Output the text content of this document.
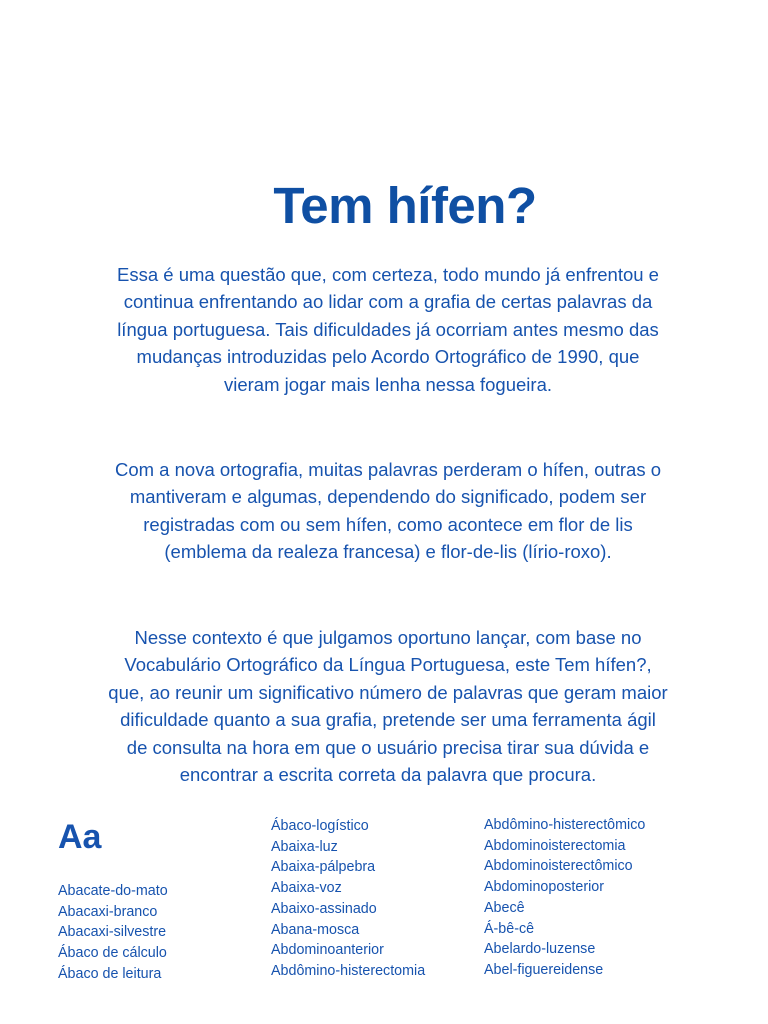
Tem hífen?

Essa é uma questão que, com certeza, todo mundo já enfrentou e continua enfrentando ao lidar com a grafia de certas palavras da língua portuguesa. Tais dificuldades já ocorriam antes mesmo das mudanças introduzidas pelo Acordo Ortográfico de 1990, que vieram jogar mais lenha nessa fogueira.

Com a nova ortografia, muitas palavras perderam o hífen, outras o mantiveram e algumas, dependendo do significado, podem ser registradas com ou sem hífen, como acontece em flor de lis (emblema da realeza francesa) e flor-de-lis (lírio-roxo).

Nesse contexto é que julgamos oportuno lançar, com base no Vocabulário Ortográfico da Língua Portuguesa, este Tem hífen?, que, ao reunir um significativo número de palavras que geram maior dificuldade quanto a sua grafia, pretende ser uma ferramenta ágil de consulta na hora em que o usuário precisa tirar sua dúvida e encontrar a escrita correta da palavra que procura.

Aa
Abacate-do-mato
Abacaxi-branco
Abacaxi-silvestre
Ábaco de cálculo
Ábaco de leitura
Ábaco-logístico
Abaixa-luz
Abaixa-pálpebra
Abaixa-voz
Abaixo-assinado
Abana-mosca
Abdominoanterior
Abdômino-histerectomia
Abdômino-histerectômico
Abdominoisterectomia
Abdominoisterectômico
Abdominoposterior
Abecê
Á-bê-cê
Abelardo-luzense
Abel-figuereidense
